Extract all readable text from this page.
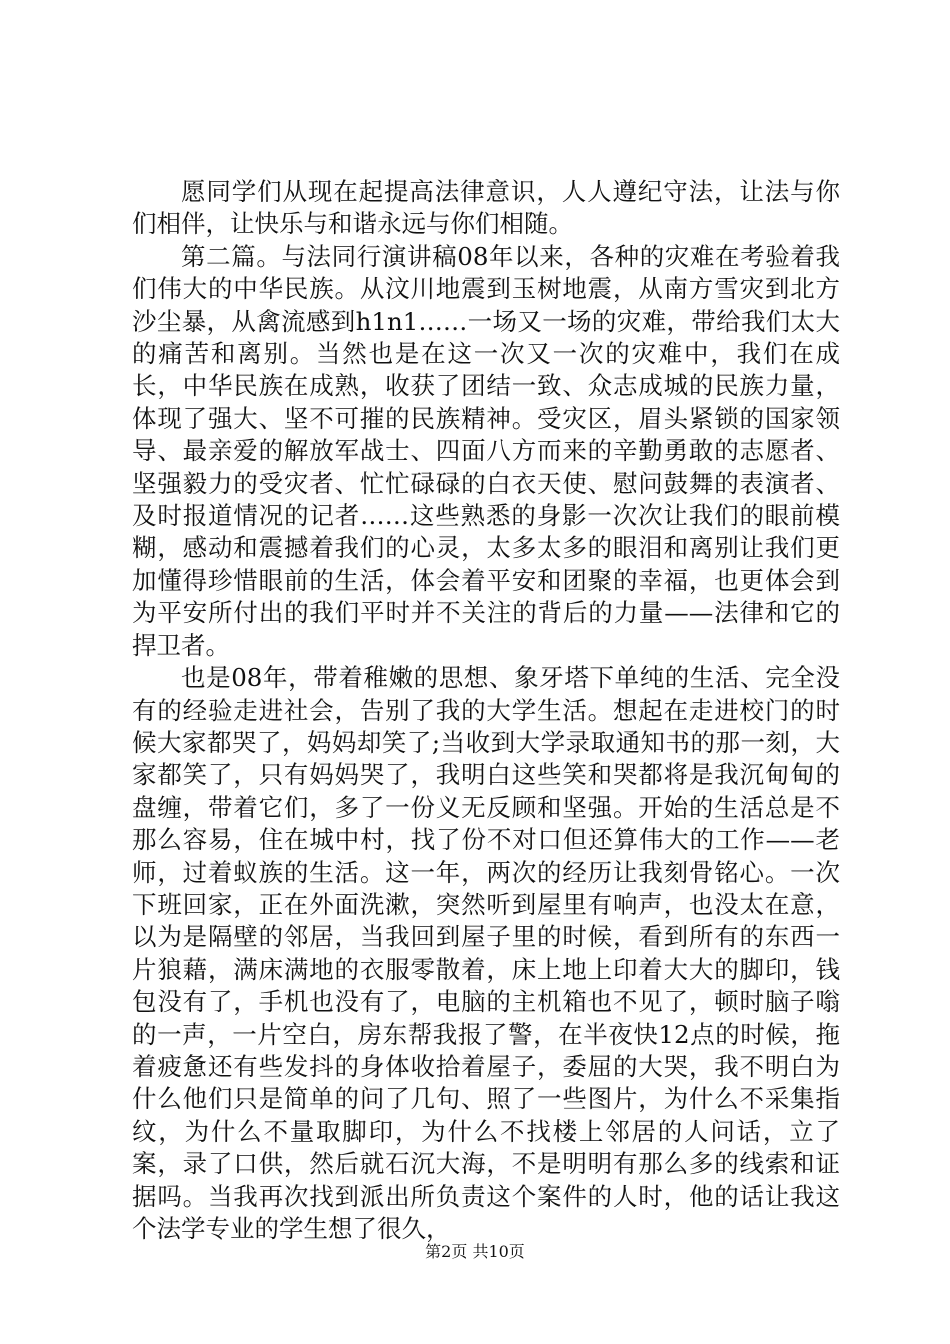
愿同学们从现在起提高法律意识，人人遵纪守法，让法与你们相伴，让快乐与和谐永远与你们相随。

第二篇。与法同行演讲稿08年以来，各种的灾难在考验着我们伟大的中华民族。从汶川地震到玉树地震，从南方雪灾到北方沙尘暴，从禽流感到h1n1……一场又一场的灾难，带给我们太大的痛苦和离别。当然也是在这一次又一次的灾难中，我们在成长，中华民族在成熟，收获了团结一致、众志成城的民族力量，体现了强大、坚不可摧的民族精神。受灾区，眉头紧锁的国家领导、最亲爱的解放军战士、四面八方而来的辛勤勇敢的志愿者、坚强毅力的受灾者、忙忙碌碌的白衣天使、慰问鼓舞的表演者、及时报道情况的记者……这些熟悉的身影一次次让我们的眼前模糊，感动和震撼着我们的心灵，太多太多的眼泪和离别让我们更加懂得珍惜眼前的生活，体会着平安和团聚的幸福，也更体会到为平安所付出的我们平时并不关注的背后的力量——法律和它的捍卫者。

也是08年，带着稚嫩的思想、象牙塔下单纯的生活、完全没有的经验走进社会，告别了我的大学生活。想起在走进校门的时候大家都哭了，妈妈却笑了;当收到大学录取通知书的那一刻，大家都笑了，只有妈妈哭了，我明白这些笑和哭都将是我沉甸甸的盘缠，带着它们，多了一份义无反顾和坚强。开始的生活总是不那么容易，住在城中村，找了份不对口但还算伟大的工作——老师，过着蚁族的生活。这一年，两次的经历让我刻骨铭心。一次下班回家，正在外面洗漱，突然听到屋里有响声，也没太在意，以为是隔壁的邻居，当我回到屋子里的时候，看到所有的东西一片狼藉，满床满地的衣服零散着，床上地上印着大大的脚印，钱包没有了，手机也没有了，电脑的主机箱也不见了，顿时脑子嗡的一声，一片空白，房东帮我报了警，在半夜快12点的时候，拖着疲惫还有些发抖的身体收拾着屋子，委屈的大哭，我不明白为什么他们只是简单的问了几句、照了一些图片，为什么不采集指纹，为什么不量取脚印，为什么不找楼上邻居的人问话，立了案，录了口供，然后就石沉大海，不是明明有那么多的线索和证据吗。当我再次找到派出所负责这个案件的人时，他的话让我这个法学专业的学生想了很久，

第2页 共10页
